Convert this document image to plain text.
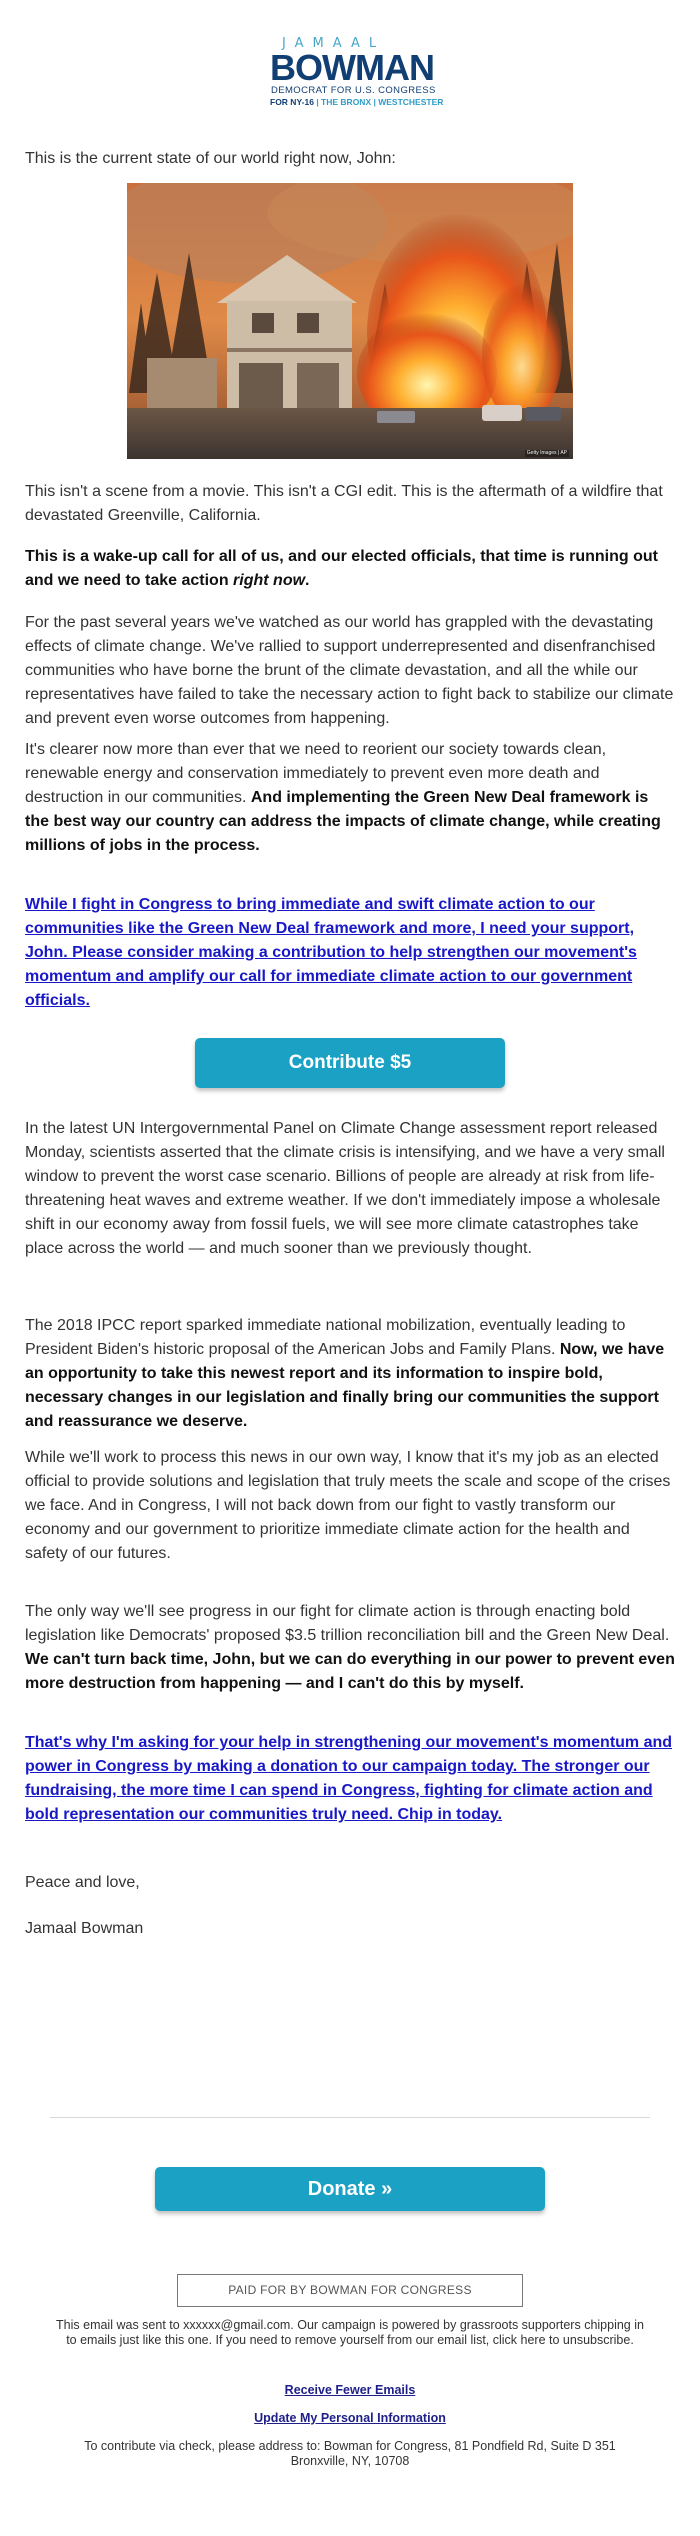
JAMAAL
BOWMAN
DEMOCRAT FOR U.S. CONGRESS
FOR NY-16 | THE BRONX | WESTCHESTER

This is the current state of our world right now, John:

Getty Images | AP

This isn't a scene from a movie. This isn't a CGI edit. This is the aftermath of a wildfire that devastated Greenville, California.

This is a wake-up call for all of us, and our elected officials, that time is running out and we need to take action right now.

For the past several years we've watched as our world has grappled with the devastating effects of climate change. We've rallied to support underrepresented and disenfranchised communities who have borne the brunt of the climate devastation, and all the while our representatives have failed to take the necessary action to fight back to stabilize our climate and prevent even worse outcomes from happening.

It's clearer now more than ever that we need to reorient our society towards clean, renewable energy and conservation immediately to prevent even more death and destruction in our communities. And implementing the Green New Deal framework is the best way our country can address the impacts of climate change, while creating millions of jobs in the process.

While I fight in Congress to bring immediate and swift climate action to our communities like the Green New Deal framework and more, I need your support, John. Please consider making a contribution to help strengthen our movement's momentum and amplify our call for immediate climate action to our government officials.

Contribute $5

In the latest UN Intergovernmental Panel on Climate Change assessment report released Monday, scientists asserted that the climate crisis is intensifying, and we have a very small window to prevent the worst case scenario. Billions of people are already at risk from life-threatening heat waves and extreme weather. If we don't immediately impose a wholesale shift in our economy away from fossil fuels, we will see more climate catastrophes take place across the world — and much sooner than we previously thought.

The 2018 IPCC report sparked immediate national mobilization, eventually leading to President Biden's historic proposal of the American Jobs and Family Plans. Now, we have an opportunity to take this newest report and its information to inspire bold, necessary changes in our legislation and finally bring our communities the support and reassurance we deserve.

While we'll work to process this news in our own way, I know that it's my job as an elected official to provide solutions and legislation that truly meets the scale and scope of the crises we face. And in Congress, I will not back down from our fight to vastly transform our economy and our government to prioritize immediate climate action for the health and safety of our futures.

The only way we'll see progress in our fight for climate action is through enacting bold legislation like Democrats' proposed $3.5 trillion reconciliation bill and the Green New Deal. We can't turn back time, John, but we can do everything in our power to prevent even more destruction from happening — and I can't do this by myself.

That's why I'm asking for your help in strengthening our movement's momentum and power in Congress by making a donation to our campaign today. The stronger our fundraising, the more time I can spend in Congress, fighting for climate action and bold representation our communities truly need. Chip in today.

Peace and love,

Jamaal Bowman

Donate »
PAID FOR BY BOWMAN FOR CONGRESS
This email was sent to xxxxxx@gmail.com. Our campaign is powered by grassroots supporters chipping in to emails just like this one. If you need to remove yourself from our email list, click here to unsubscribe.
Receive Fewer Emails
Update My Personal Information
To contribute via check, please address to: Bowman for Congress, 81 Pondfield Rd, Suite D 351 Bronxville, NY, 10708
